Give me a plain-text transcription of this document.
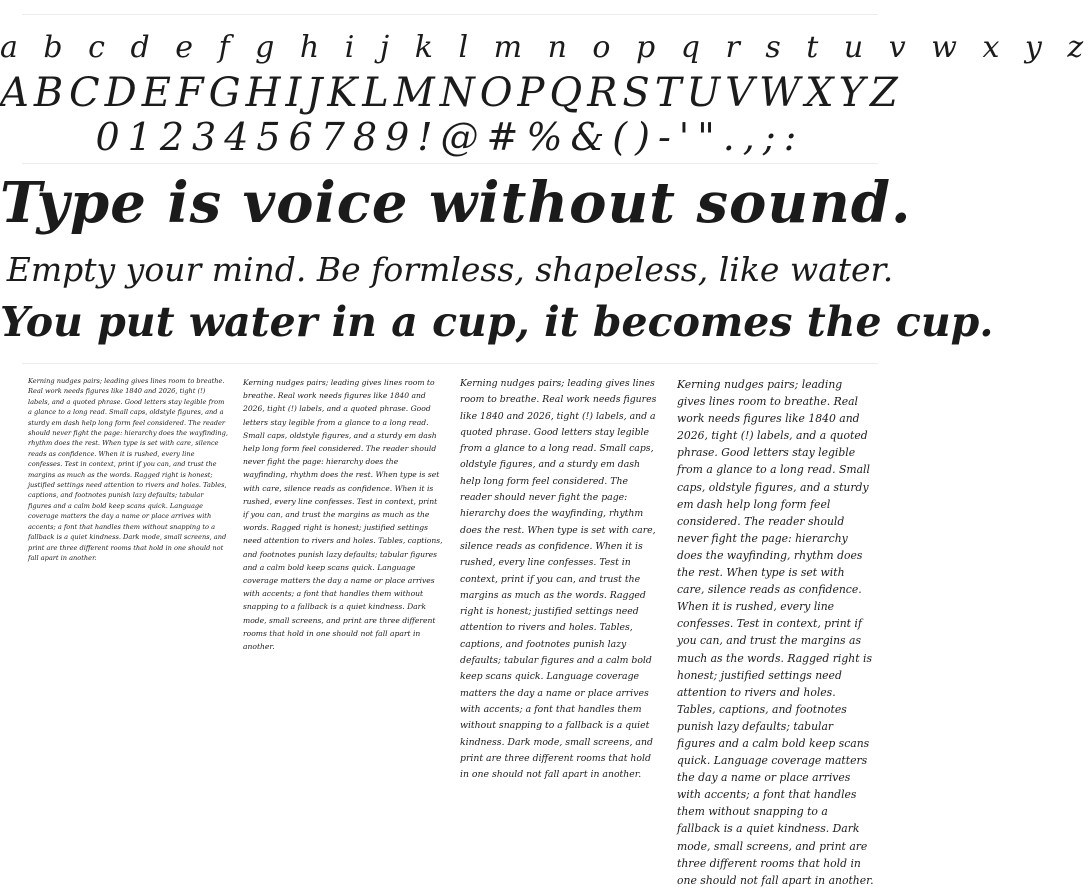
a b c d e f g h i j k l m n o p q r s t u v w x y z
ABCDEFGHIJKLMNOPQRSTUVWXYZ
0123456789!@#%&()-'".,;:
Type is voice without sound.
Empty your mind. Be formless, shapeless, like water.
You put water in a cup, it becomes the cup.

Kerning nudges pairs; leading gives lines room to breathe. Real work needs figures like 1840 and 2026, tight (!) labels, and a quoted phrase. Good letters stay legible from a glance to a long read. Small caps, oldstyle figures, and a sturdy em dash help long form feel considered. The reader should never fight the page: hierarchy does the wayfinding, rhythm does the rest. When type is set with care, silence reads as confidence. When it is rushed, every line confesses. Test in context, print if you can, and trust the margins as much as the words. Ragged right is honest; justified settings need attention to rivers and holes. Tables, captions, and footnotes punish lazy defaults; tabular figures and a calm bold keep scans quick. Language coverage matters the day a name or place arrives with accents; a font that handles them without snapping to a fallback is a quiet kindness. Dark mode, small screens, and print are three different rooms that hold in one should not fall apart in another.

Kerning nudges pairs; leading gives lines room to breathe. Real work needs figures like 1840 and 2026, tight (!) labels, and a quoted phrase. Good letters stay legible from a glance to a long read. Small caps, oldstyle figures, and a sturdy em dash help long form feel considered. The reader should never fight the page: hierarchy does the wayfinding, rhythm does the rest. When type is set with care, silence reads as confidence. When it is rushed, every line confesses. Test in context, print if you can, and trust the margins as much as the words. Ragged right is honest; justified settings need attention to rivers and holes. Tables, captions, and footnotes punish lazy defaults; tabular figures and a calm bold keep scans quick. Language coverage matters the day a name or place arrives with accents; a font that handles them without snapping to a fallback is a quiet kindness. Dark mode, small screens, and print are three different rooms that hold in one should not fall apart in another.

Kerning nudges pairs; leading gives lines room to breathe. Real work needs figures like 1840 and 2026, tight (!) labels, and a quoted phrase. Good letters stay legible from a glance to a long read. Small caps, oldstyle figures, and a sturdy em dash help long form feel considered. The reader should never fight the page: hierarchy does the wayfinding, rhythm does the rest. When type is set with care, silence reads as confidence. When it is rushed, every line confesses. Test in context, print if you can, and trust the margins as much as the words. Ragged right is honest; justified settings need attention to rivers and holes. Tables, captions, and footnotes punish lazy defaults; tabular figures and a calm bold keep scans quick. Language coverage matters the day a name or place arrives with accents; a font that handles them without snapping to a fallback is a quiet kindness. Dark mode, small screens, and print are three different rooms that hold in one should not fall apart in another.

Kerning nudges pairs; leading gives lines room to breathe. Real work needs figures like 1840 and 2026, tight (!) labels, and a quoted phrase. Good letters stay legible from a glance to a long read. Small caps, oldstyle figures, and a sturdy em dash help long form feel considered. The reader should never fight the page: hierarchy does the wayfinding, rhythm does the rest. When type is set with care, silence reads as confidence. When it is rushed, every line confesses. Test in context, print if you can, and trust the margins as much as the words. Ragged right is honest; justified settings need attention to rivers and holes. Tables, captions, and footnotes punish lazy defaults; tabular figures and a calm bold keep scans quick. Language coverage matters the day a name or place arrives with accents; a font that handles them without snapping to a fallback is a quiet kindness. Dark mode, small screens, and print are three different rooms that hold in one should not fall apart in another.
